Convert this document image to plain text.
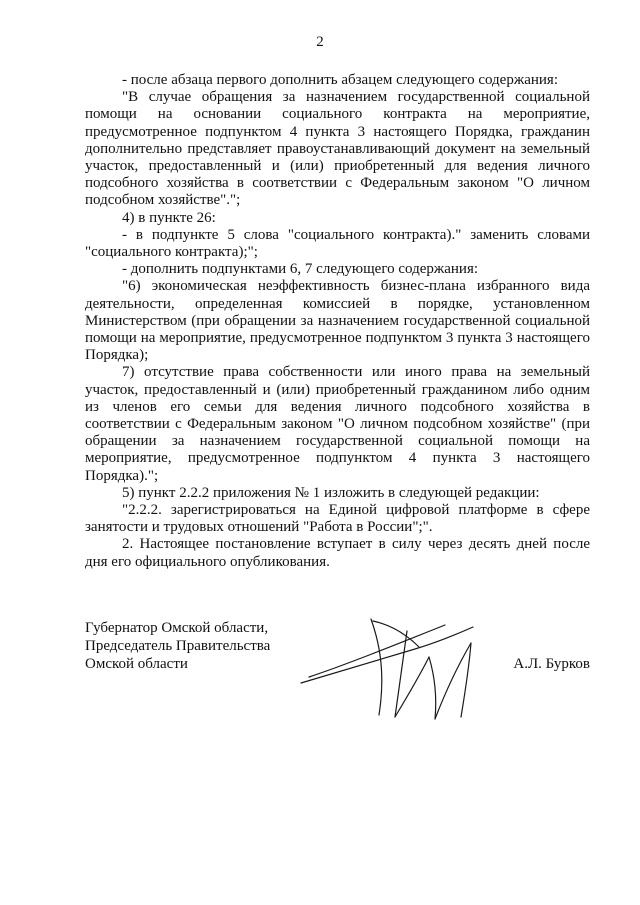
2

- после абзаца первого дополнить абзацем следующего содержания:

"В случае обращения за назначением государственной социальной помощи на основании социального контракта на мероприятие, предусмотренное подпунктом 4 пункта 3 настоящего Порядка, гражданин дополнительно представляет правоустанавливающий документ на земельный участок, предоставленный и (или) приобретенный для ведения личного подсобного хозяйства в соответствии с Федеральным законом "О личном подсобном хозяйстве".";

4) в пункте 26:

- в подпункте 5 слова "социального контракта)." заменить словами "социального контракта);";

- дополнить подпунктами 6, 7 следующего содержания:

"6) экономическая неэффективность бизнес-плана избранного вида деятельности, определенная комиссией в порядке, установленном Министерством (при обращении за назначением государственной социальной помощи на мероприятие, предусмотренное подпунктом 3 пункта 3 настоящего Порядка);

7) отсутствие права собственности или иного права на земельный участок, предоставленный и (или) приобретенный гражданином либо одним из членов его семьи для ведения личного подсобного хозяйства в соответствии с Федеральным законом "О личном подсобном хозяйстве" (при обращении за назначением государственной социальной помощи на мероприятие, предусмотренное подпунктом 4 пункта 3 настоящего Порядка).";

5) пункт 2.2.2 приложения № 1 изложить в следующей редакции:

"2.2.2. зарегистрироваться на Единой цифровой платформе в сфере занятости и трудовых отношений "Работа в России";".

2. Настоящее постановление вступает в силу через десять дней после дня его официального опубликования.

Губернатор Омской области,
Председатель Правительства
Омской области	А.Л. Бурков
